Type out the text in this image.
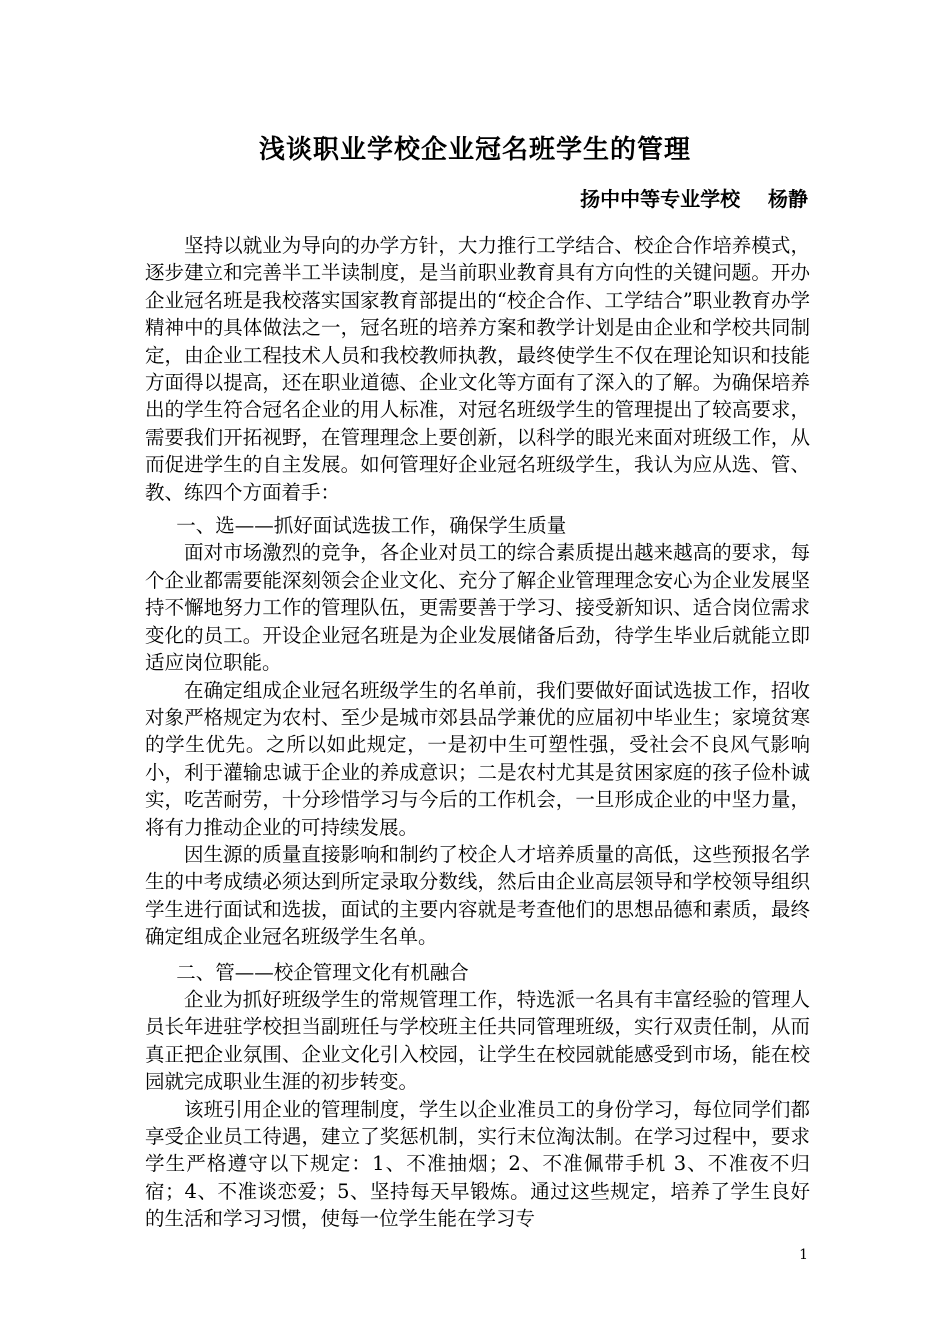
浅谈职业学校企业冠名班学生的管理
扬中中等专业学校    杨静

坚持以就业为导向的办学方针，大力推行工学结合、校企合作培养模式，逐步建立和完善半工半读制度，是当前职业教育具有方向性的关键问题。开办企业冠名班是我校落实国家教育部提出的“校企合作、工学结合”职业教育办学精神中的具体做法之一，冠名班的培养方案和教学计划是由企业和学校共同制定，由企业工程技术人员和我校教师执教，最终使学生不仅在理论知识和技能方面得以提高，还在职业道德、企业文化等方面有了深入的了解。为确保培养出的学生符合冠名企业的用人标准，对冠名班级学生的管理提出了较高要求，需要我们开拓视野，在管理理念上要创新，以科学的眼光来面对班级工作，从而促进学生的自主发展。如何管理好企业冠名班级学生，我认为应从选、管、教、练四个方面着手：

一、选——抓好面试选拔工作，确保学生质量

面对市场激烈的竞争，各企业对员工的综合素质提出越来越高的要求，每个企业都需要能深刻领会企业文化、充分了解企业管理理念安心为企业发展坚持不懈地努力工作的管理队伍，更需要善于学习、接受新知识、适合岗位需求变化的员工。开设企业冠名班是为企业发展储备后劲，待学生毕业后就能立即适应岗位职能。

在确定组成企业冠名班级学生的名单前，我们要做好面试选拔工作，招收对象严格规定为农村、至少是城市郊县品学兼优的应届初中毕业生；家境贫寒的学生优先。之所以如此规定，一是初中生可塑性强，受社会不良风气影响小，利于灌输忠诚于企业的养成意识；二是农村尤其是贫困家庭的孩子俭朴诚实，吃苦耐劳，十分珍惜学习与今后的工作机会，一旦形成企业的中坚力量，将有力推动企业的可持续发展。

因生源的质量直接影响和制约了校企人才培养质量的高低，这些预报名学生的中考成绩必须达到所定录取分数线，然后由企业高层领导和学校领导组织学生进行面试和选拔，面试的主要内容就是考查他们的思想品德和素质，最终确定组成企业冠名班级学生名单。

二、管——校企管理文化有机融合

企业为抓好班级学生的常规管理工作，特选派一名具有丰富经验的管理人员长年进驻学校担当副班任与学校班主任共同管理班级，实行双责任制，从而真正把企业氛围、企业文化引入校园，让学生在校园就能感受到市场，能在校园就完成职业生涯的初步转变。

该班引用企业的管理制度，学生以企业准员工的身份学习，每位同学们都享受企业员工待遇，建立了奖惩机制，实行末位淘汰制。在学习过程中，要求学生严格遵守以下规定：1、不准抽烟；2、不准佩带手机 3、不准夜不归宿；4、不准谈恋爱；5、坚持每天早锻炼。通过这些规定，培养了学生良好的生活和学习习惯，使每一位学生能在学习专

1
